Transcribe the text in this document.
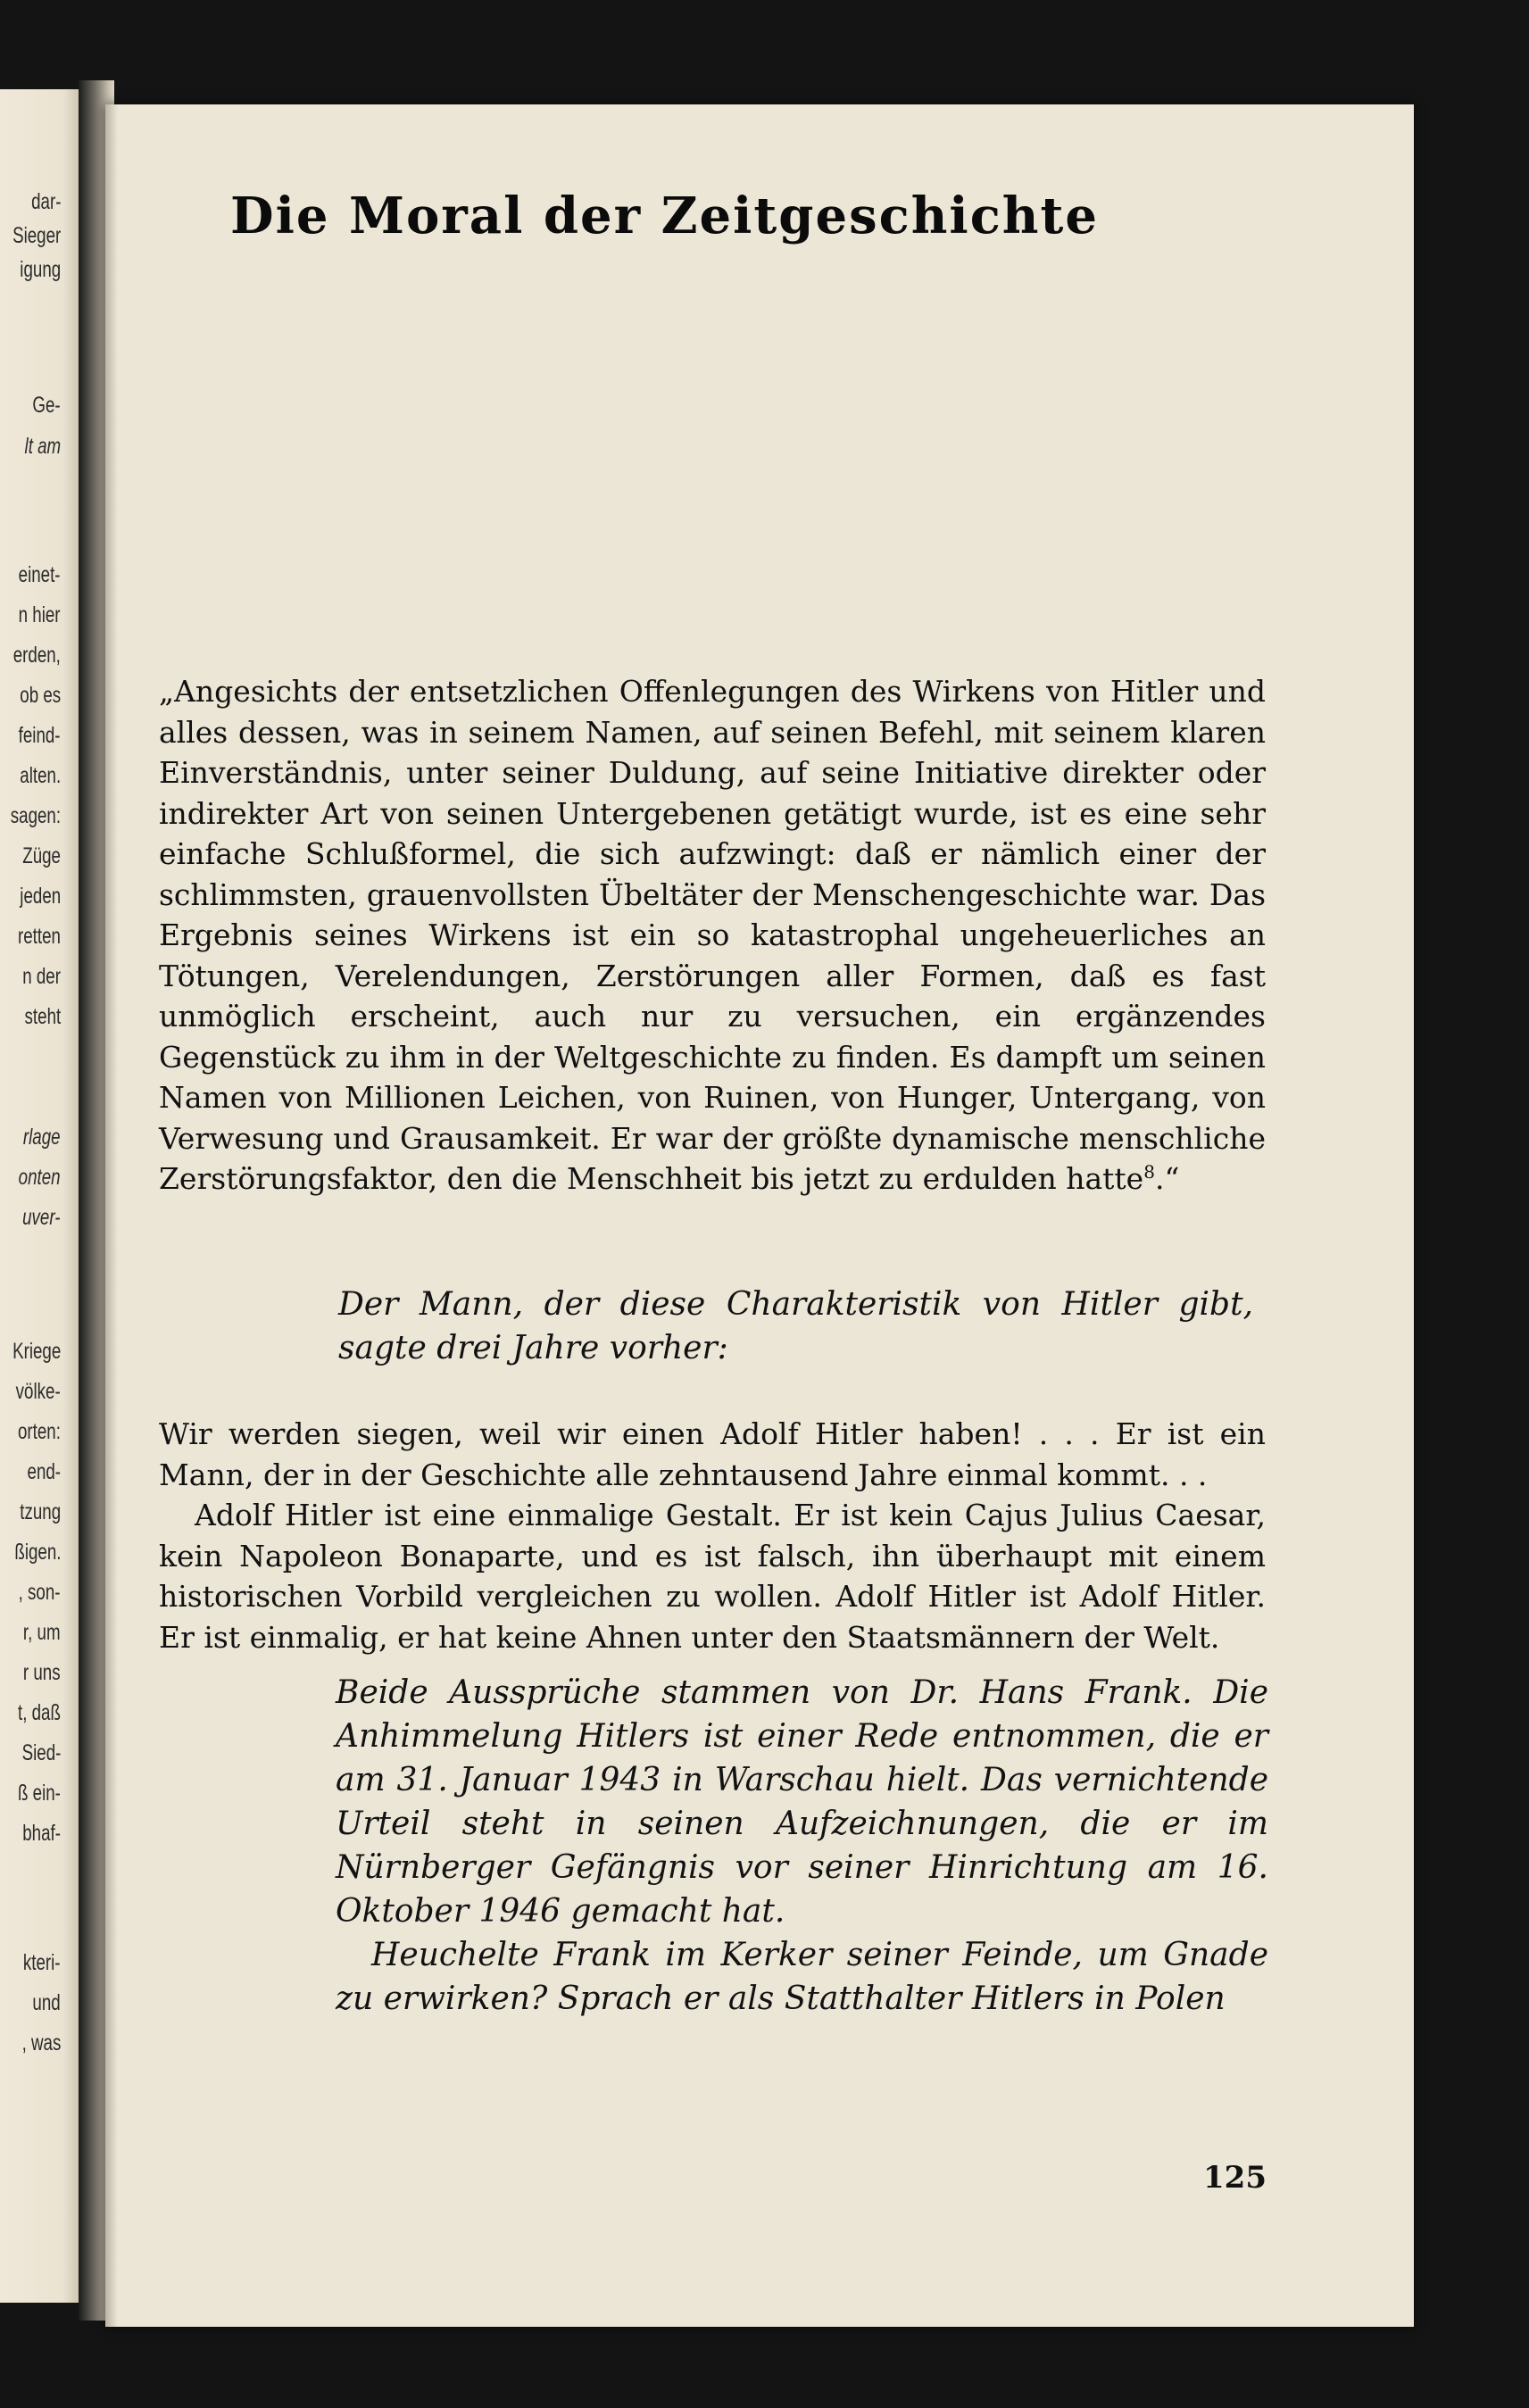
dar-
Sieger
igung
Ge-
lt am
einet-
n hier
erden,
ob es
feind-
alten.
sagen:
Züge
jeden
retten
n der
steht
rlage
onten
uver-
Kriege
völke-
orten:
end-
tzung
ßigen.
, son-
r, um
r uns
t, daß
Sied-
ß ein-
bhaf-
kteri-
und
, was
Die Moral der Zeitgeschichte

„Angesichts der entsetzlichen Offenlegungen des Wirkens von Hitler und alles dessen, was in seinem Namen, auf seinen Befehl, mit seinem klaren Einverständnis, unter seiner Duldung, auf seine Initiative direkter oder indirekter Art von seinen Untergebenen getätigt wurde, ist es eine sehr einfache Schlußformel, die sich aufzwingt: daß er nämlich einer der schlimmsten, grauenvollsten Übeltäter der Menschengeschichte war. Das Ergebnis seines Wirkens ist ein so katastrophal ungeheuerliches an Tötungen, Verelendungen, Zerstörungen aller Formen, daß es fast unmöglich erscheint, auch nur zu versuchen, ein ergänzendes Gegenstück zu ihm in der Weltgeschichte zu finden. Es dampft um seinen Namen von Millionen Leichen, von Ruinen, von Hunger, Untergang, von Verwesung und Grausamkeit. Er war der größte dynamische menschliche Zerstörungsfaktor, den die Menschheit bis jetzt zu erdulden hatte$^8$.“

Der Mann, der diese Charakteristik von Hitler gibt, sagte drei Jahre vorher:

Wir werden siegen, weil wir einen Adolf Hitler haben! . . . Er ist ein Mann, der in der Geschichte alle zehntausend Jahre einmal kommt. . .

Adolf Hitler ist eine einmalige Gestalt. Er ist kein Cajus Julius Caesar, kein Napoleon Bonaparte, und es ist falsch, ihn überhaupt mit einem historischen Vorbild vergleichen zu wollen. Adolf Hitler ist Adolf Hitler. Er ist einmalig, er hat keine Ahnen unter den Staatsmännern der Welt.

Beide Aussprüche stammen von Dr. Hans Frank. Die Anhimmelung Hitlers ist einer Rede entnommen, die er am 31. Januar 1943 in Warschau hielt. Das vernichtende Urteil steht in seinen Aufzeichnungen, die er im Nürnberger Gefängnis vor seiner Hinrichtung am 16. Oktober 1946 gemacht hat.

Heuchelte Frank im Kerker seiner Feinde, um Gnade zu erwirken? Sprach er als Statthalter Hitlers in Polen

125
